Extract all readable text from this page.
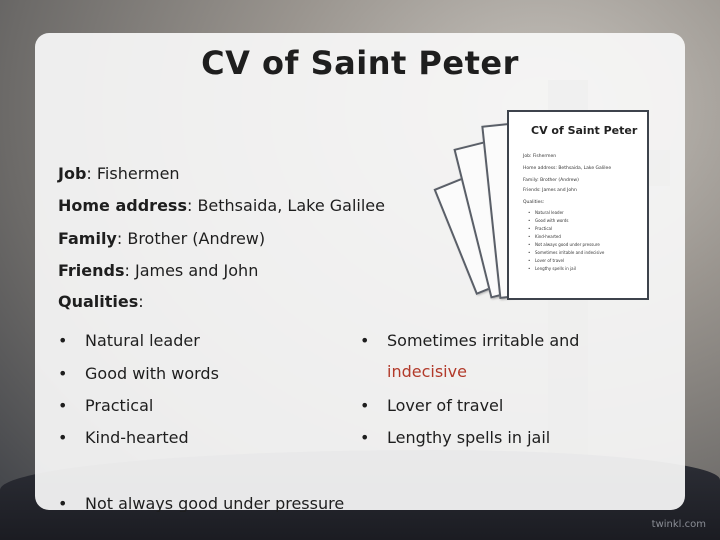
CV of Saint Peter
CV of Saint Peter
Job: Fishermen
Home address: Bethsaida, Lake Galilee
Family: Brother (Andrew)
Friends: James and John
Qualities:
• Natural leader
• Good with words
• Practical
• Kind-hearted
• Not always good under pressure
• Sometimes irritable and indecisive
• Lover of travel
• Lengthy spells in jail

Job: Fishermen

Home address: Bethsaida, Lake Galilee

Family: Brother (Andrew)

Friends: James and John

Qualities:

• Natural leader
• Good with words
• Practical
• Kind-hearted
• Not always good under pressure
• Sometimes irritable and
indecisive
• Lover of travel
• Lengthy spells in jail
twinkl.com
